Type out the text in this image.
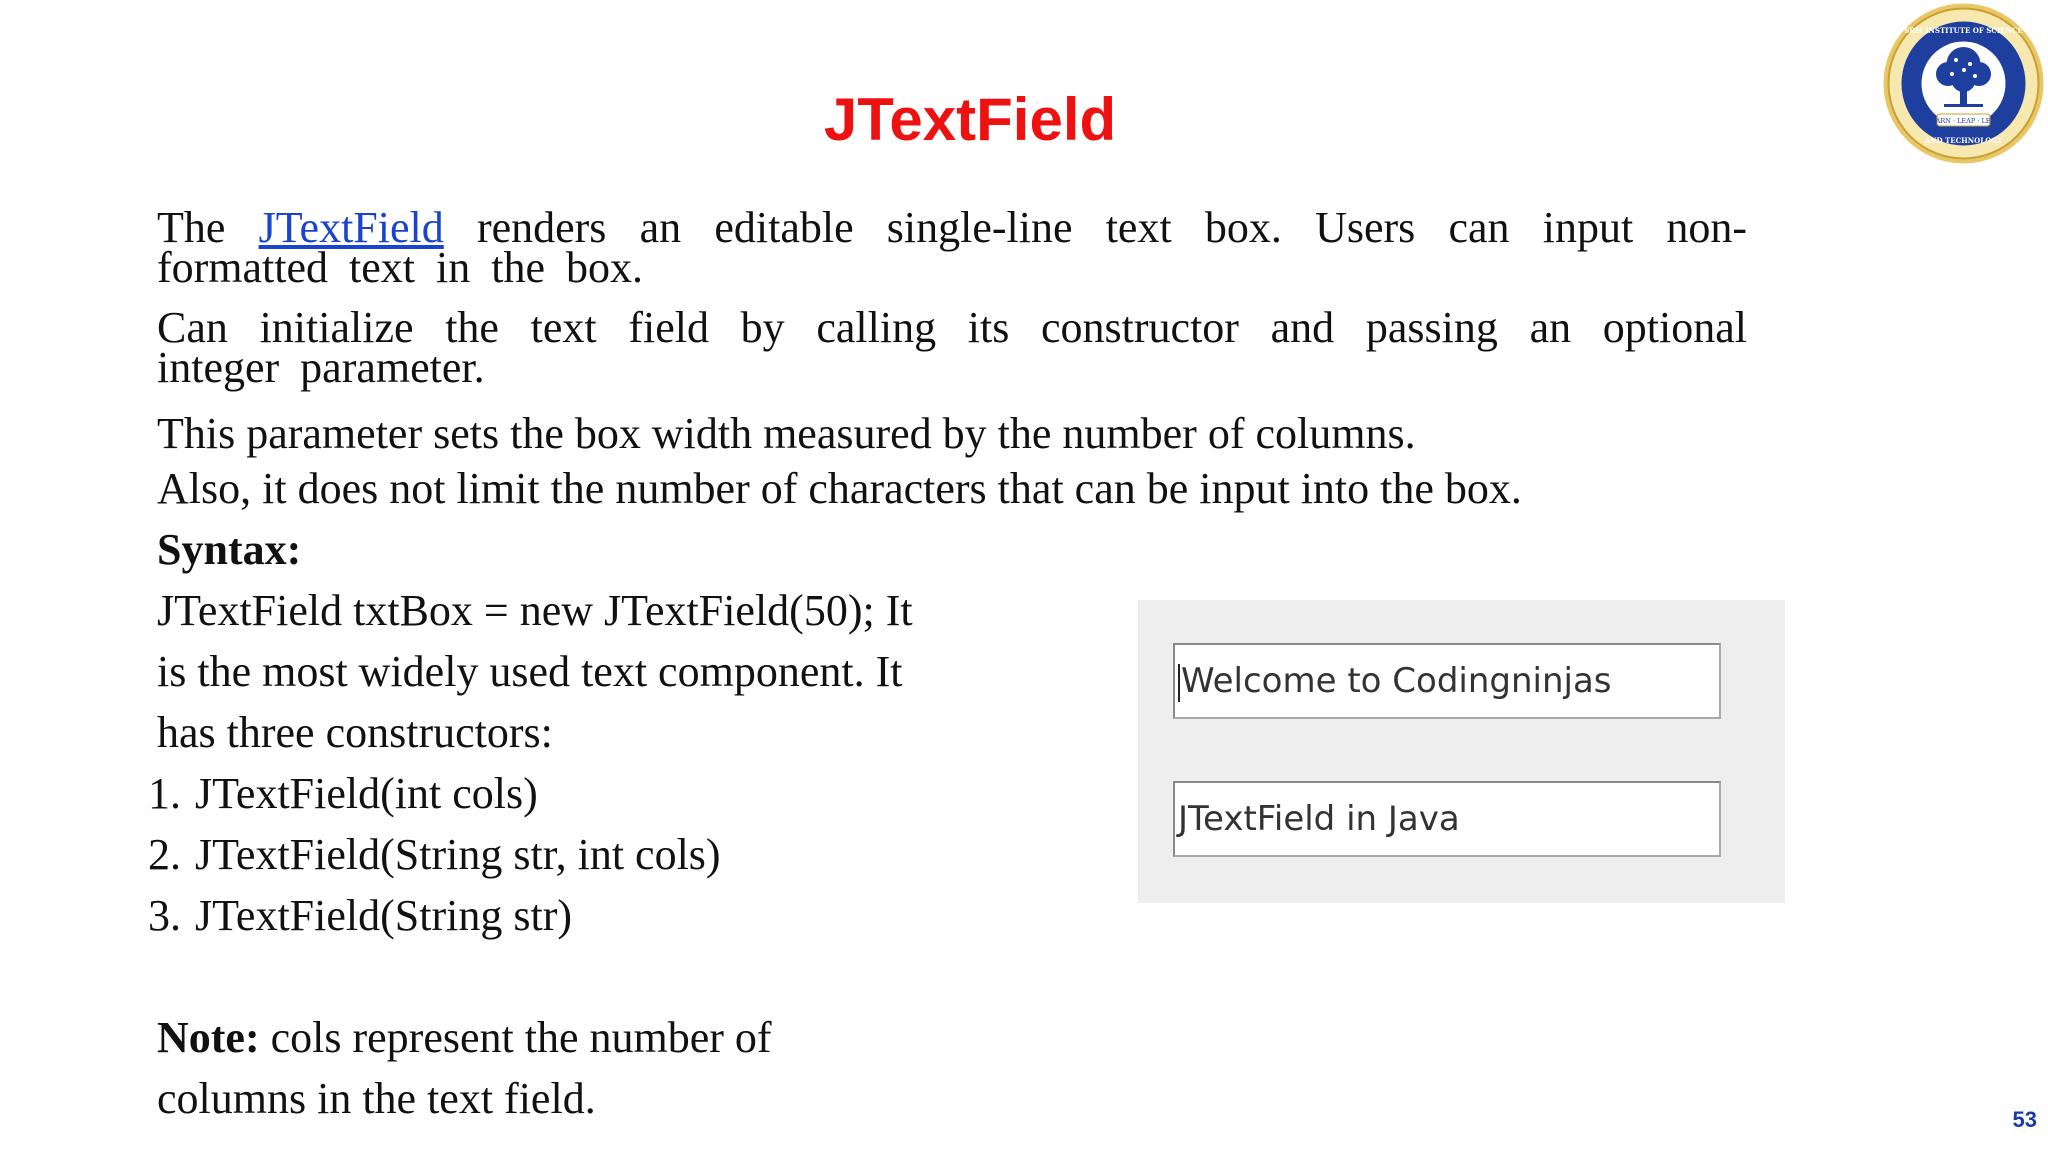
JTextField	LEARN · LEAP · LEAD
SRM INSTITUTE OF SCIENCE
AND TECHNOLOGY

The JTextField renders an editable single-line text box. Users can input non-formatted text in the box.

Can initialize the text field by calling its constructor and passing an optional integer parameter.

This parameter sets the box width measured by the number of columns.

Also, it does not limit the number of characters that can be input into the box.

Syntax:

JTextField txtBox = new JTextField(50); It

is the most widely used text component. It

has three constructors:

1. JTextField(int cols)
2. JTextField(String str, int cols)
3. JTextField(String str)

Note: cols represent the number of

columns in the text field.

Welcome to Codingninjas
JTextField in Java
53
